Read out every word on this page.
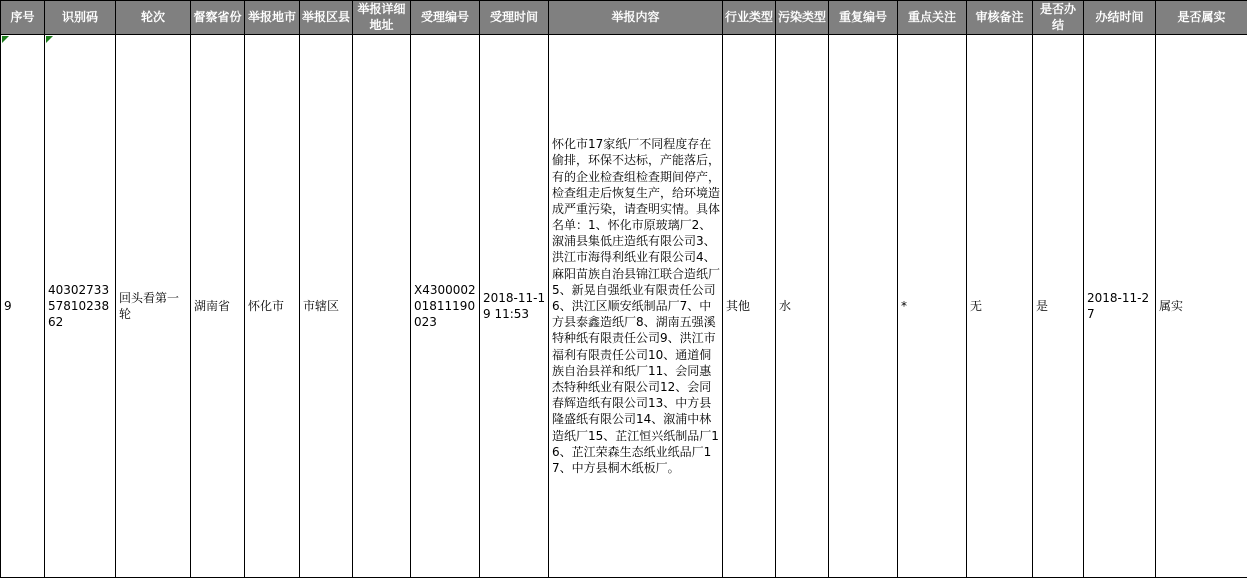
序号	识别码	轮次	督察省份	举报地市	举报区县	举报详细地址	受理编号	受理时间	举报内容	行业类型	污染类型	重复编号	重点关注	审核备注	是否办结	办结时间	是否属实

9	403027335781023862	回头看第一轮	湖南省	怀化市	市辖区		X430000201811190023	2018-11-19 11:53	怀化市17家纸厂不同程度存在偷排，环保不达标，产能落后，有的企业检查组检查期间停产，检查组走后恢复生产，给环境造成严重污染，请查明实情。具体名单：1、怀化市原玻璃厂2、溆浦县集低庄造纸有限公司3、洪江市海得利纸业有限公司4、麻阳苗族自治县锦江联合造纸厂5、新晃自强纸业有限责任公司6、洪江区顺安纸制品厂7、中方县泰鑫造纸厂8、湖南五强溪特种纸有限责任公司9、洪江市福利有限责任公司10、通道侗族自治县祥和纸厂11、会同惠杰特种纸业有限公司12、会同春辉造纸有限公司13、中方县隆盛纸有限公司14、溆浦中林造纸厂15、芷江恒兴纸制品厂16、芷江荣森生态纸业纸品厂17、中方县桐木纸板厂。	其他	水		*	无	是	2018-11-27	属实
